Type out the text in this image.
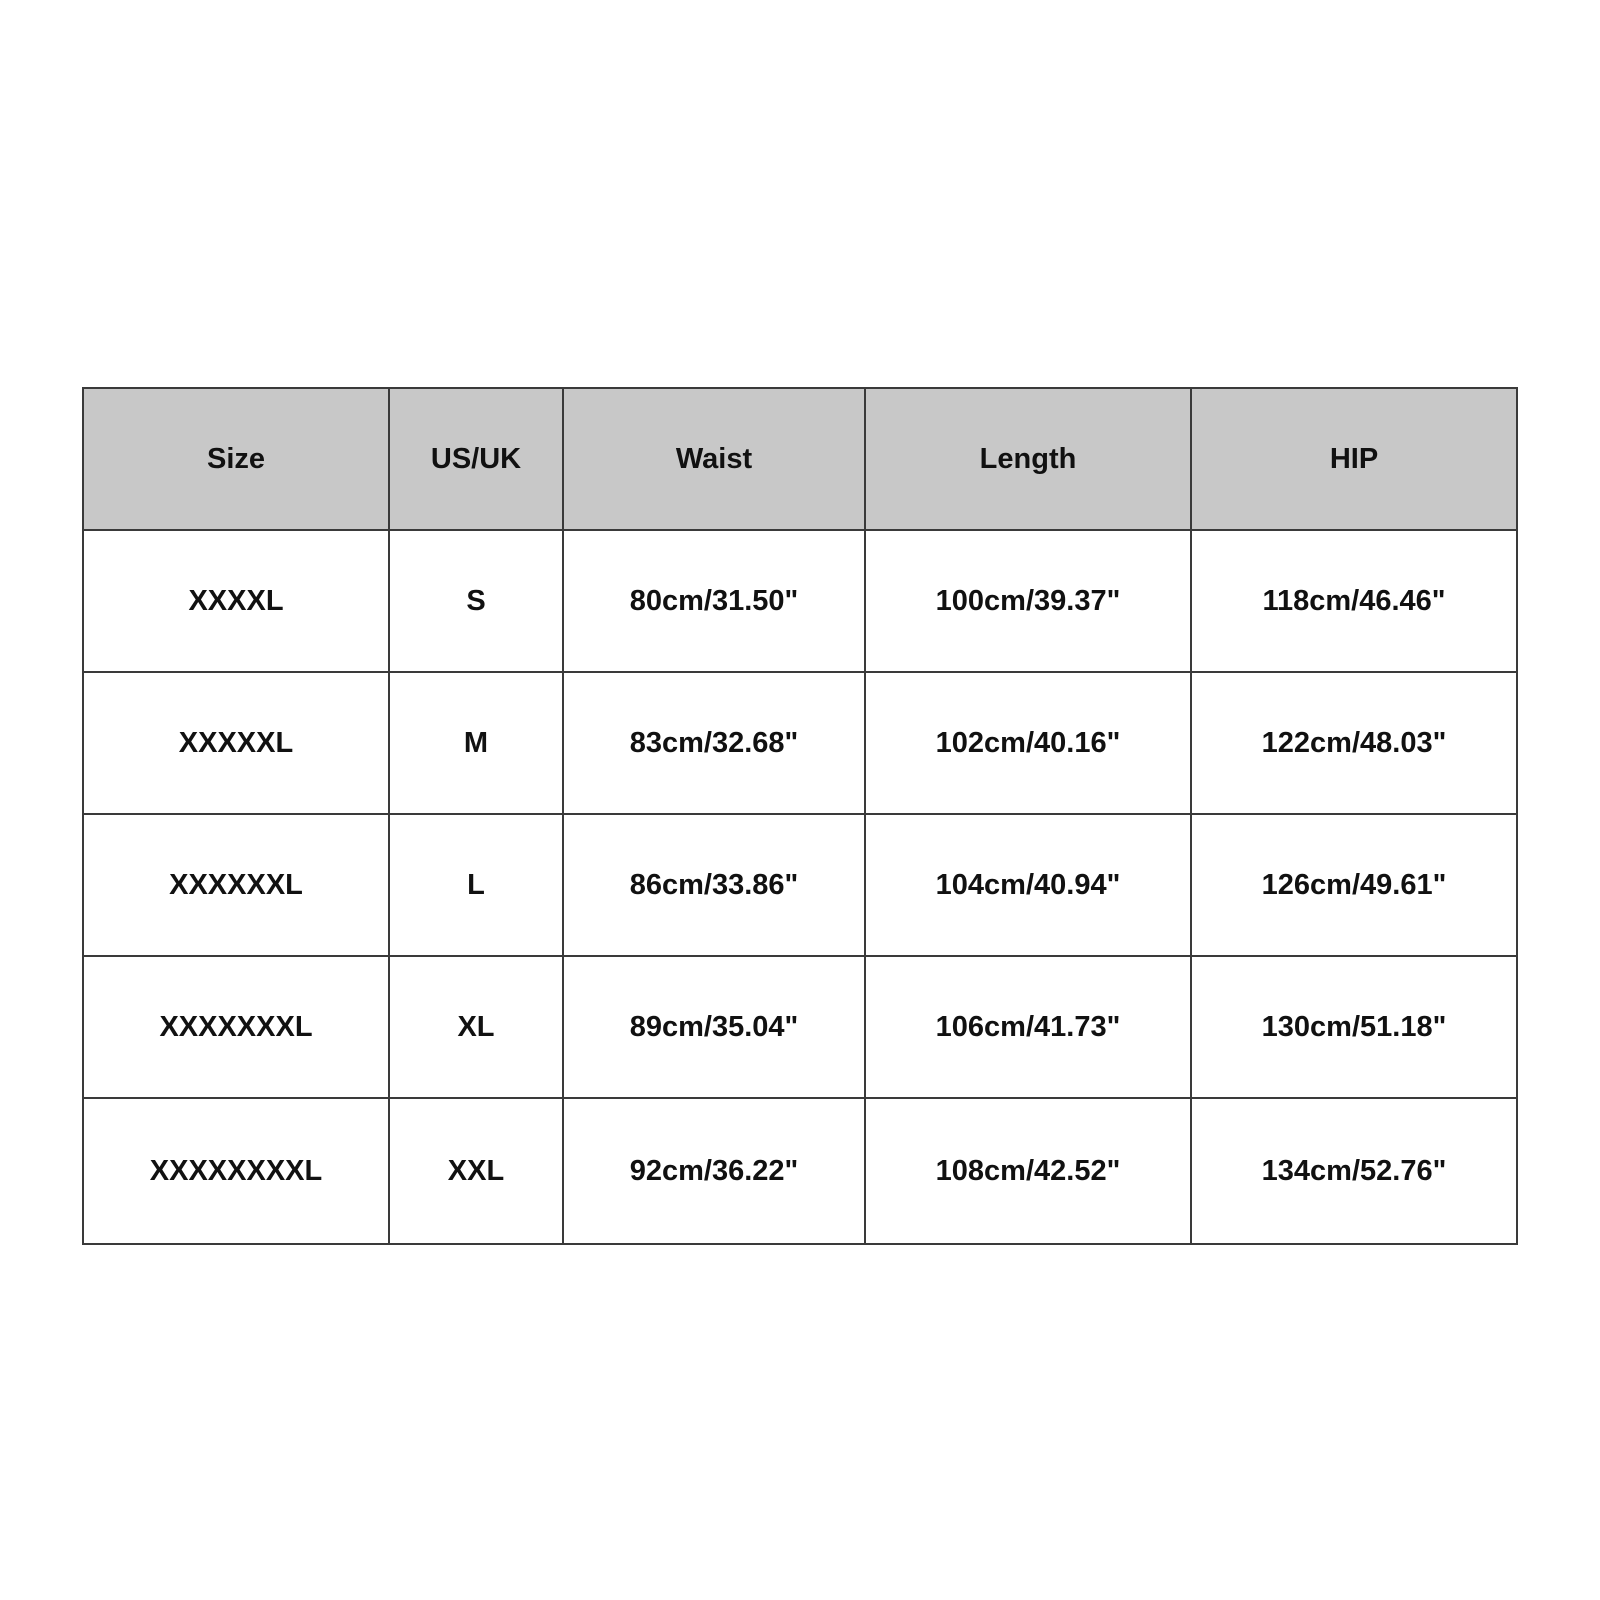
Size	US/UK	Waist	Length	HIP
XXXXL	S	80cm/31.50"	100cm/39.37"	118cm/46.46"
XXXXXL	M	83cm/32.68"	102cm/40.16"	122cm/48.03"
XXXXXXL	L	86cm/33.86"	104cm/40.94"	126cm/49.61"
XXXXXXXL	XL	89cm/35.04"	106cm/41.73"	130cm/51.18"
XXXXXXXXL	XXL	92cm/36.22"	108cm/42.52"	134cm/52.76"
